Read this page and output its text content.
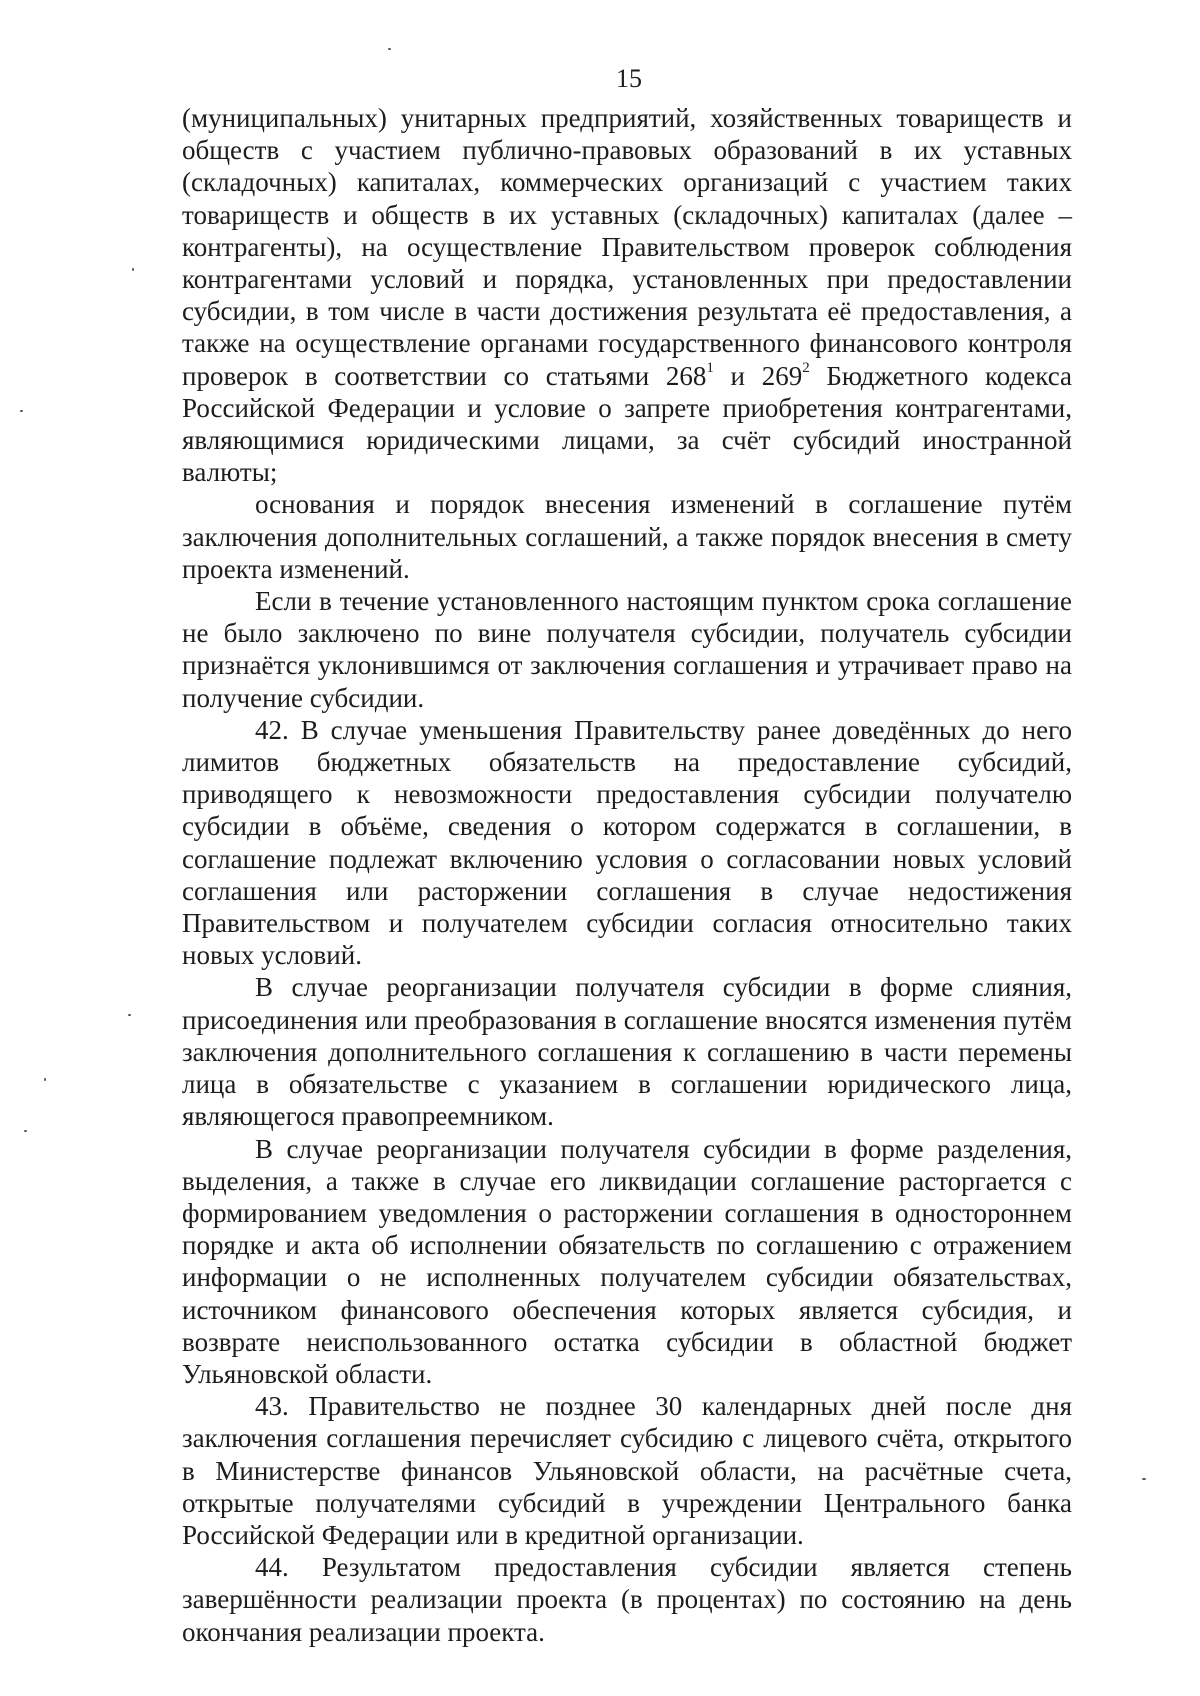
15

(муниципальных) унитарных предприятий, хозяйственных товариществ и обществ с участием публично-правовых образований в их уставных (складочных) капиталах, коммерческих организаций с участием таких товариществ и обществ в их уставных (складочных) капиталах (далее – контрагенты), на осуществление Правительством проверок соблюдения контрагентами условий и порядка, установленных при предоставлении субсидии, в том числе в части достижения результата её предоставления, а также на осуществление органами государственного финансового контроля проверок в соответствии со статьями $268^1$ и $269^2$ Бюджетного кодекса Российской Федерации и условие о запрете приобретения контрагентами, являющимися юридическими лицами, за счёт субсидий иностранной валюты;

основания и порядок внесения изменений в соглашение путём заключения дополнительных соглашений, а также порядок внесения в смету проекта изменений.

Если в течение установленного настоящим пунктом срока соглашение не было заключено по вине получателя субсидии, получатель субсидии признаётся уклонившимся от заключения соглашения и утрачивает право на получение субсидии.

42. В случае уменьшения Правительству ранее доведённых до него лимитов бюджетных обязательств на предоставление субсидий, приводящего к невозможности предоставления субсидии получателю субсидии в объёме, сведения о котором содержатся в соглашении, в соглашение подлежат включению условия о согласовании новых условий соглашения или расторжении соглашения в случае недостижения Правительством и получателем субсидии согласия относительно таких новых условий.

В случае реорганизации получателя субсидии в форме слияния, присоединения или преобразования в соглашение вносятся изменения путём заключения дополнительного соглашения к соглашению в части перемены лица в обязательстве с указанием в соглашении юридического лица, являющегося правопреемником.

В случае реорганизации получателя субсидии в форме разделения, выделения, а также в случае его ликвидации соглашение расторгается с формированием уведомления о расторжении соглашения в одностороннем порядке и акта об исполнении обязательств по соглашению с отражением информации о не исполненных получателем субсидии обязательствах, источником финансового обеспечения которых является субсидия, и возврате неиспользованного остатка субсидии в областной бюджет Ульяновской области.

43. Правительство не позднее 30 календарных дней после дня заключения соглашения перечисляет субсидию с лицевого счёта, открытого в Министерстве финансов Ульяновской области, на расчётные счета, открытые получателями субсидий в учреждении Центрального банка Российской Федерации или в кредитной организации.

44. Результатом предоставления субсидии является степень завершённости реализации проекта (в процентах) по состоянию на день окончания реализации проекта.
